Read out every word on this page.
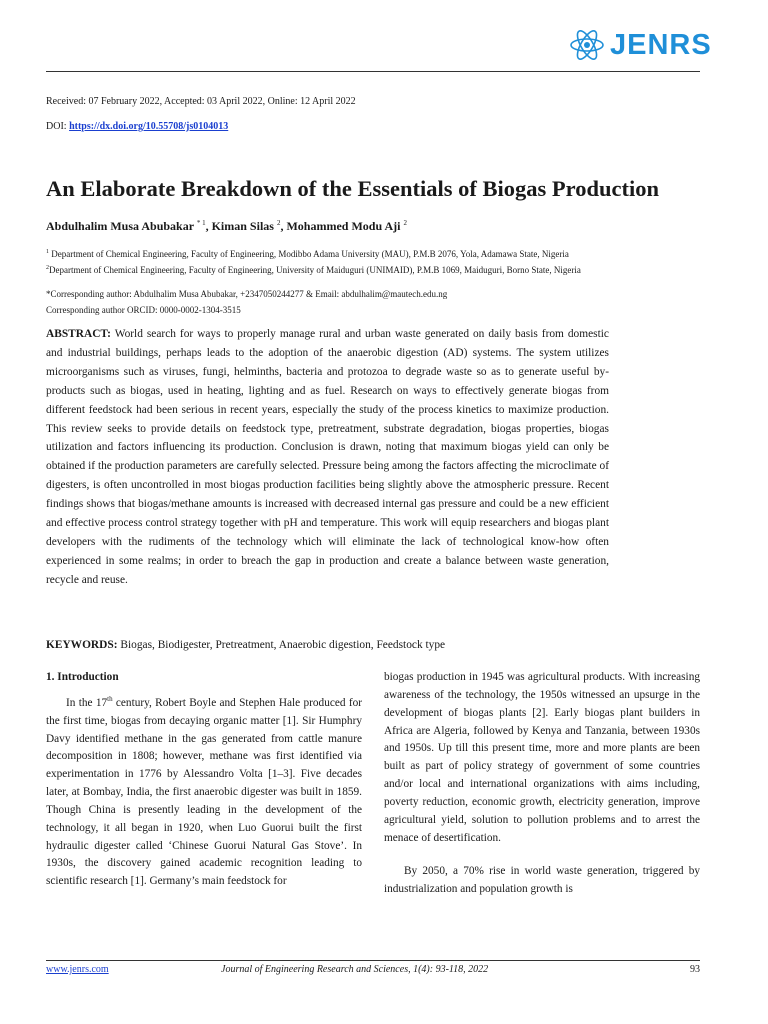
JENRS
Received: 07 February 2022, Accepted: 03 April 2022, Online: 12 April 2022
DOI: https://dx.doi.org/10.55708/js0104013
An Elaborate Breakdown of the Essentials of Biogas Production
Abdulhalim Musa Abubakar $^{* 1}$, Kiman Silas $^2$, Mohammed Modu Aji $^2$
$^1$ Department of Chemical Engineering, Faculty of Engineering, Modibbo Adama University (MAU), P.M.B 2076, Yola, Adamawa State, Nigeria
$^2$Department of Chemical Engineering, Faculty of Engineering, University of Maiduguri (UNIMAID), P.M.B 1069, Maiduguri, Borno State, Nigeria
*Corresponding author: Abdulhalim Musa Abubakar, +2347050244277 & Email: abdulhalim@mautech.edu.ng
Corresponding author ORCID: 0000-0002-1304-3515
ABSTRACT: World search for ways to properly manage rural and urban waste generated on daily basis from domestic and industrial buildings, perhaps leads to the adoption of the anaerobic digestion (AD) systems. The system utilizes microorganisms such as viruses, fungi, helminths, bacteria and protozoa to degrade waste so as to generate useful by-products such as biogas, used in heating, lighting and as fuel. Research on ways to effectively generate biogas from different feedstock had been serious in recent years, especially the study of the process kinetics to maximize production. This review seeks to provide details on feedstock type, pretreatment, substrate degradation, biogas properties, biogas utilization and factors influencing its production. Conclusion is drawn, noting that maximum biogas yield can only be obtained if the production parameters are carefully selected. Pressure being among the factors affecting the microclimate of digesters, is often uncontrolled in most biogas production facilities being slightly above the atmospheric pressure. Recent findings shows that biogas/methane amounts is increased with decreased internal gas pressure and could be a new efficient and effective process control strategy together with pH and temperature. This work will equip researchers and biogas plant developers with the rudiments of the technology which will eliminate the lack of technological know-how often experienced in some realms; in order to breach the gap in production and create a balance between waste generation, recycle and reuse.
KEYWORDS: Biogas, Biodigester, Pretreatment, Anaerobic digestion, Feedstock type
1. Introduction

In the 17th century, Robert Boyle and Stephen Hale produced for the first time, biogas from decaying organic matter [1]. Sir Humphry Davy identified methane in the gas generated from cattle manure decomposition in 1808; however, methane was first identified via experimentation in 1776 by Alessandro Volta [1–3]. Five decades later, at Bombay, India, the first anaerobic digester was built in 1859. Though China is presently leading in the development of the technology, it all began in 1920, when Luo Guorui built the first hydraulic digester called ‘Chinese Guorui Natural Gas Stove’. In 1930s, the discovery gained academic recognition leading to scientific research [1]. Germany’s main feedstock for

biogas production in 1945 was agricultural products. With increasing awareness of the technology, the 1950s witnessed an upsurge in the development of biogas plants [2]. Early biogas plant builders in Africa are Algeria, followed by Kenya and Tanzania, between 1930s and 1950s. Up till this present time, more and more plants are been built as part of policy strategy of government of some countries and/or local and international organizations with aims including, poverty reduction, economic growth, electricity generation, improve agricultural yield, solution to pollution problems and to arrest the menace of desertification.

By 2050, a 70% rise in world waste generation, triggered by industrialization and population growth is

www.jenrs.com	Journal of Engineering Research and Sciences, 1(4): 93-118, 2022	93
